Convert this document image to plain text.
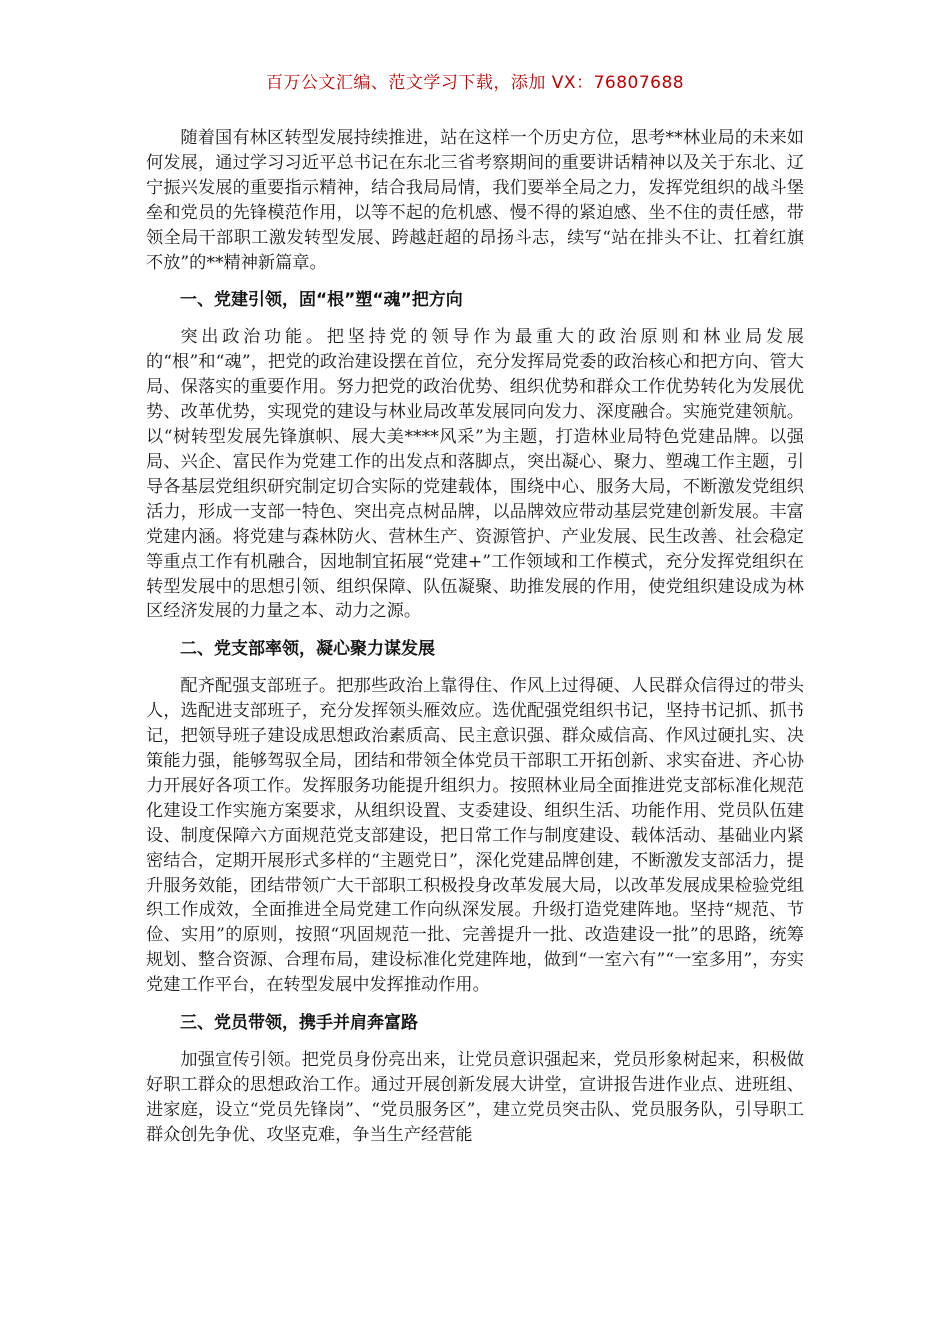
百万公文汇编、范文学习下载，添加 VX：76807688

随着国有林区转型发展持续推进，站在这样一个历史方位，思考**林业局的未来如何发展，通过学习习近平总书记在东北三省考察期间的重要讲话精神以及关于东北、辽宁振兴发展的重要指示精神，结合我局局情，我们要举全局之力，发挥党组织的战斗堡垒和党员的先锋模范作用，以等不起的危机感、慢不得的紧迫感、坐不住的责任感，带领全局干部职工激发转型发展、跨越赶超的昂扬斗志，续写“站在排头不让、扛着红旗不放”的**精神新篇章。

一、党建引领，固“根”塑“魂”把方向

突出政治功能。把坚持党的领导作为最重大的政治原则和林业局发展的“根”和“魂”，把党的政治建设摆在首位，充分发挥局党委的政治核心和把方向、管大局、保落实的重要作用。努力把党的政治优势、组织优势和群众工作优势转化为发展优势、改革优势，实现党的建设与林业局改革发展同向发力、深度融合。实施党建领航。以“树转型发展先锋旗帜、展大美****风采”为主题，打造林业局特色党建品牌。以强局、兴企、富民作为党建工作的出发点和落脚点，突出凝心、聚力、塑魂工作主题，引导各基层党组织研究制定切合实际的党建载体，围绕中心、服务大局，不断激发党组织活力，形成一支部一特色、突出亮点树品牌，以品牌效应带动基层党建创新发展。丰富党建内涵。将党建与森林防火、营林生产、资源管护、产业发展、民生改善、社会稳定等重点工作有机融合，因地制宜拓展“党建+”工作领域和工作模式，充分发挥党组织在转型发展中的思想引领、组织保障、队伍凝聚、助推发展的作用，使党组织建设成为林区经济发展的力量之本、动力之源。

二、党支部率领，凝心聚力谋发展

配齐配强支部班子。把那些政治上靠得住、作风上过得硬、人民群众信得过的带头人，选配进支部班子，充分发挥领头雁效应。选优配强党组织书记，坚持书记抓、抓书记，把领导班子建设成思想政治素质高、民主意识强、群众威信高、作风过硬扎实、决策能力强，能够驾驭全局，团结和带领全体党员干部职工开拓创新、求实奋进、齐心协力开展好各项工作。发挥服务功能提升组织力。按照林业局全面推进党支部标准化规范化建设工作实施方案要求，从组织设置、支委建设、组织生活、功能作用、党员队伍建设、制度保障六方面规范党支部建设，把日常工作与制度建设、载体活动、基础业内紧密结合，定期开展形式多样的“主题党日”，深化党建品牌创建，不断激发支部活力，提升服务效能，团结带领广大干部职工积极投身改革发展大局，以改革发展成果检验党组织工作成效，全面推进全局党建工作向纵深发展。升级打造党建阵地。坚持“规范、节俭、实用”的原则，按照“巩固规范一批、完善提升一批、改造建设一批”的思路，统筹规划、整合资源、合理布局，建设标准化党建阵地，做到“一室六有”“一室多用”，夯实党建工作平台，在转型发展中发挥推动作用。

三、党员带领，携手并肩奔富路

加强宣传引领。把党员身份亮出来，让党员意识强起来，党员形象树起来，积极做好职工群众的思想政治工作。通过开展创新发展大讲堂，宣讲报告进作业点、进班组、进家庭，设立“党员先锋岗”、“党员服务区”，建立党员突击队、党员服务队，引导职工群众创先争优、攻坚克难，争当生产经营能
